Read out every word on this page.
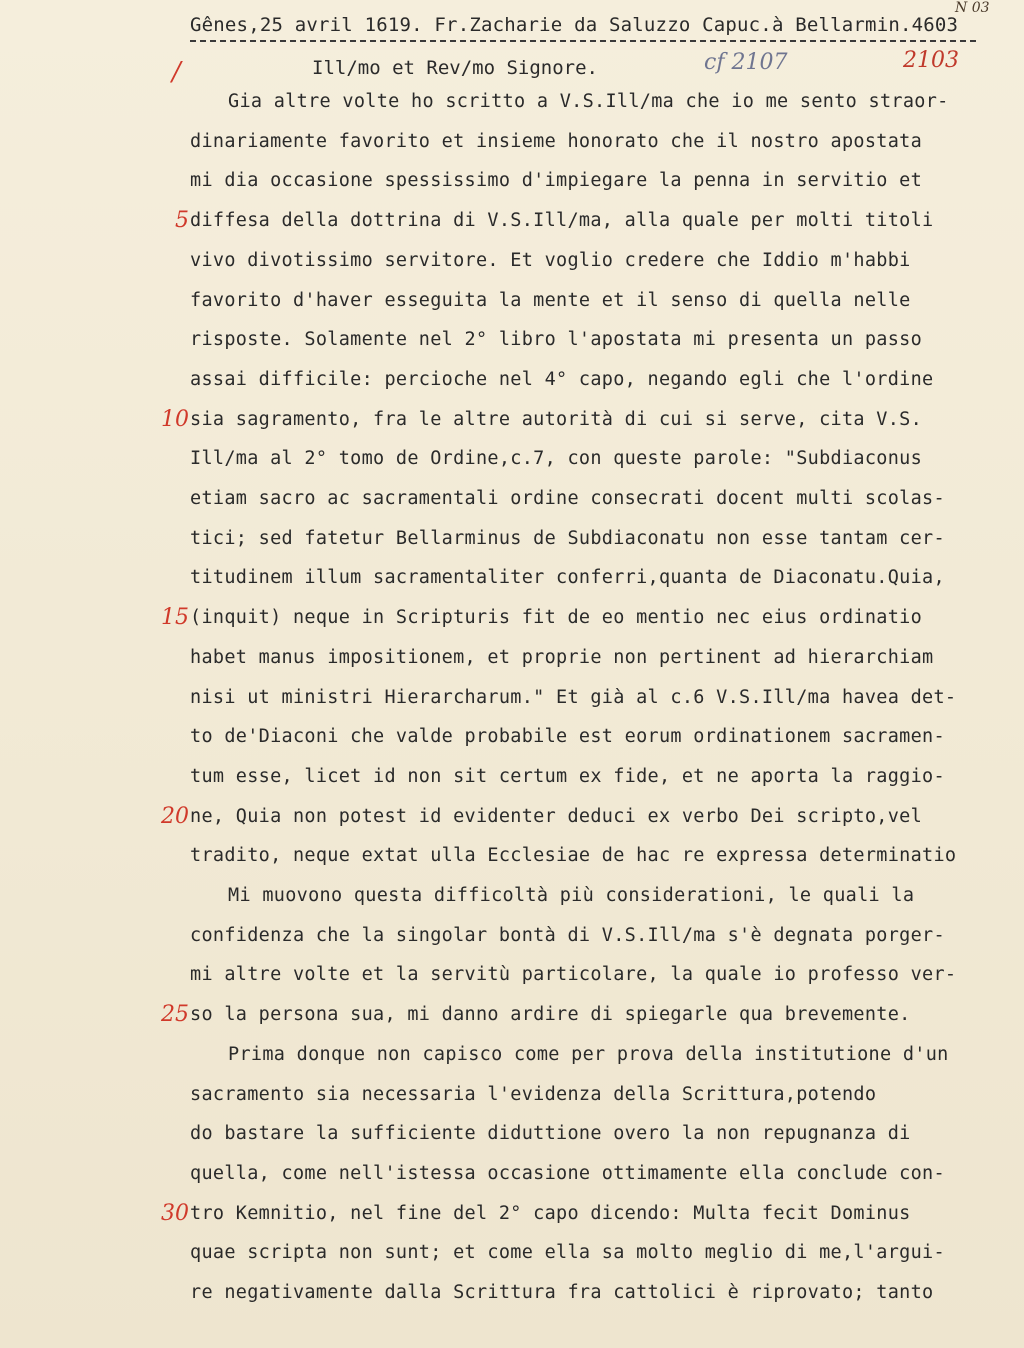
N 03
Gênes,25 avril 1619. Fr.Zacharie da Saluzzo Capuc.à Bellarmin.4603
/	Ill/mo et Rev/mo Signore.	cf 2107	2103
Gia altre volte ho scritto a V.S.Ill/ma che io me sento straor-
dinariamente favorito et insieme honorato che il nostro apostata
mi dia occasione spessissimo d'impiegare la penna in servitio et
5 diffesa della dottrina di V.S.Ill/ma, alla quale per molti titoli
vivo divotissimo servitore. Et voglio credere che Iddio m'habbi
favorito d'haver esseguita la mente et il senso di quella nelle
risposte. Solamente nel 2° libro l'apostata mi presenta un passo
assai difficile: percioche nel 4° capo, negando egli che l'ordine
10 sia sagramento, fra le altre autorità di cui si serve, cita V.S.
Ill/ma al 2° tomo de Ordine,c.7, con queste parole: "Subdiaconus
etiam sacro ac sacramentali ordine consecrati docent multi scolas-
tici; sed fatetur Bellarminus de Subdiaconatu non esse tantam cer-
titudinem illum sacramentaliter conferri,quanta de Diaconatu.Quia,
15 (inquit) neque in Scripturis fit de eo mentio nec eius ordinatio
habet manus impositionem, et proprie non pertinent ad hierarchiam
nisi ut ministri Hierarcharum." Et già al c.6 V.S.Ill/ma havea det-
to de'Diaconi che valde probabile est eorum ordinationem sacramen-
tum esse, licet id non sit certum ex fide, et ne aporta la raggio-
20 ne, Quia non potest id evidenter deduci ex verbo Dei scripto,vel
tradito, neque extat ulla Ecclesiae de hac re expressa determinatio
Mi muovono questa difficoltà più considerationi, le quali la
confidenza che la singolar bontà di V.S.Ill/ma s'è degnata porger-
mi altre volte et la servitù particolare, la quale io professo ver-
25 so la persona sua, mi danno ardire di spiegarle qua brevemente.
Prima donque non capisco come per prova della institutione d'un
sacramento sia necessaria l'evidenza della Scrittura,potendo
do bastare la sufficiente diduttione overo la non repugnanza di
quella, come nell'istessa occasione ottimamente ella conclude con-
30 tro Kemnitio, nel fine del 2° capo dicendo: Multa fecit Dominus
quae scripta non sunt; et come ella sa molto meglio di me,l'argui-
re negativamente dalla Scrittura fra cattolici è riprovato; tanto
